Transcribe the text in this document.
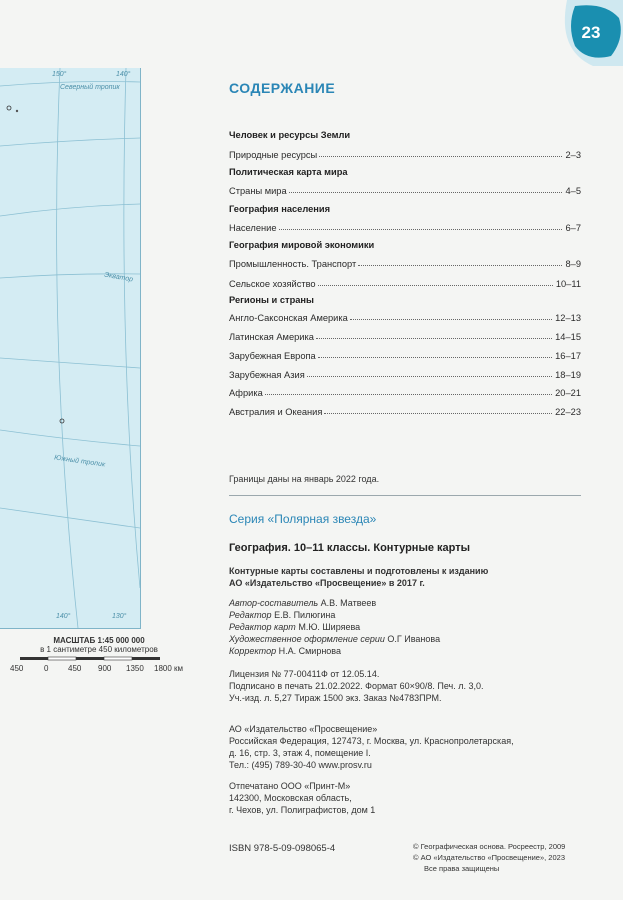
150°	140°
Северный тропик
Экватор
Южный тропик
140°	130°
23
МАСШТАБ 1:45 000 000
в 1 сантиметре 450 километров
450	0 450 900 1350 1800 км
СОДЕРЖАНИЕ
Человек и ресурсы Земли
Природные ресурсы	2–3
Политическая карта мира
Страны мира	4–5
География населения
Население	6–7
География мировой экономики
Промышленность. Транспорт	8–9
Сельское хозяйство	10–11
Регионы и страны
Англо-Саксонская Америка	12–13
Латинская Америка	14–15
Зарубежная Европа	16–17
Зарубежная Азия	18–19
Африка	20–21
Австралия и Океания	22–23
Границы даны на январь 2022 года.
Серия «Полярная звезда»
География. 10–11 классы. Контурные карты
Контурные карты составлены и подготовлены к изданию
АО «Издательство «Просвещение» в 2017 г.
Автор-составитель А.В. Матвеев
Редактор Е.В. Пилюгина
Редактор карт М.Ю. Ширяева
Художественное оформление серии О.Г Иванова
Корректор Н.А. Смирнова
Лицензия № 77-00411Ф от 12.05.14.
Подписано в печать 21.02.2022. Формат 60×90/8. Печ. л. 3,0.
Уч.-изд. л. 5,27 Тираж 1500 экз. Заказ №4783ПРМ.
АО «Издательство «Просвещение»
Российская Федерация, 127473, г. Москва, ул. Краснопролетарская,
д. 16, стр. 3, этаж 4, помещение I.
Тел.: (495) 789-30-40 www.prosv.ru
Отпечатано ООО «Принт-М»
142300, Московская область,
г. Чехов, ул. Полиграфистов, дом 1
ISBN 978-5-09-098065-4	© Географическая основа. Росреестр, 2009
© АО «Издательство «Просвещение», 2023
Все права защищены
